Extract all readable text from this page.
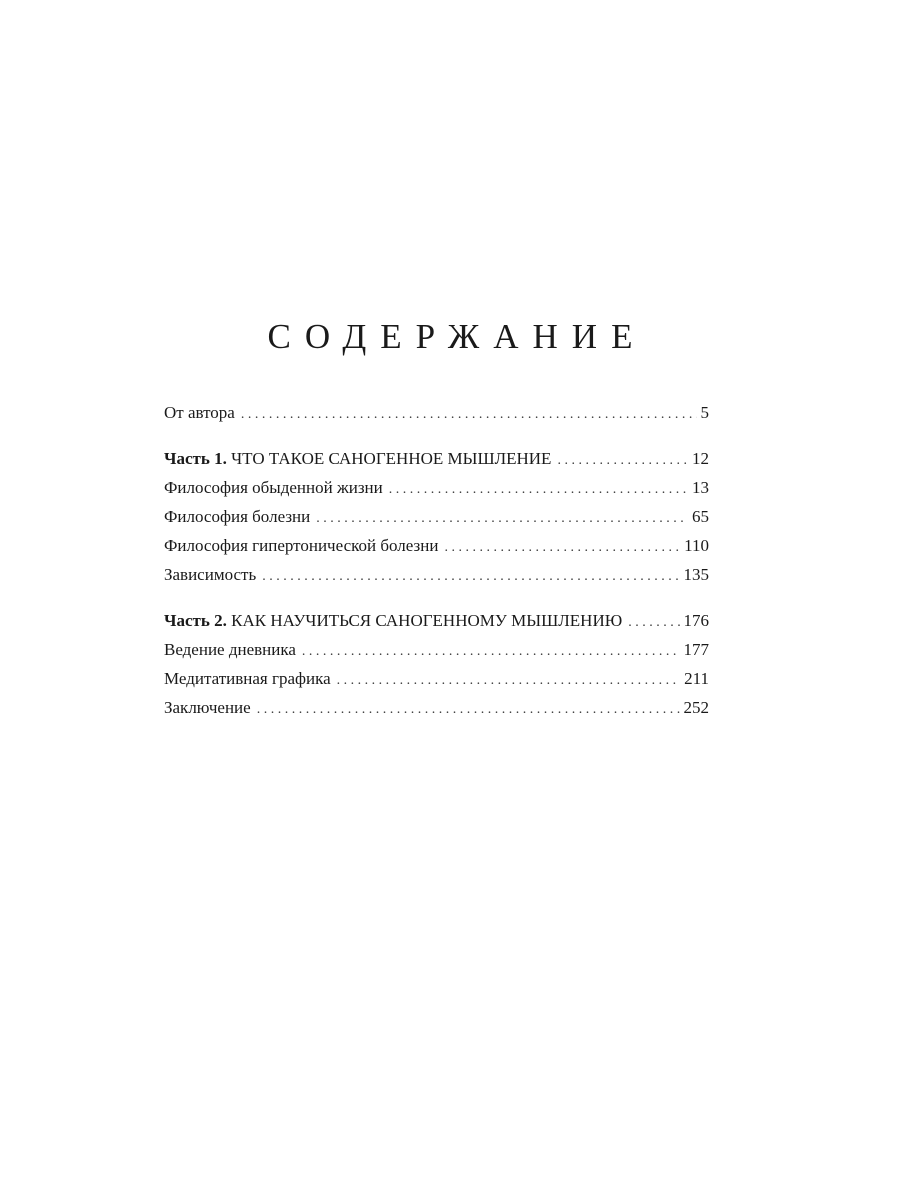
СОДЕРЖАНИЕ
От автора . . .	5
Часть 1. ЧТО ТАКОЕ САНОГЕННОЕ МЫШЛЕНИЕ . . .	12
Философия обыденной жизни . . .	13
Философия болезни . . .	65
Философия гипертонической болезни . . .	110
Зависимость . . .	135
Часть 2. КАК НАУЧИТЬСЯ САНОГЕННОМУ МЫШЛЕНИЮ . . .	176
Ведение дневника . . .	177
Медитативная графика . . .	211
Заключение . . .	252
